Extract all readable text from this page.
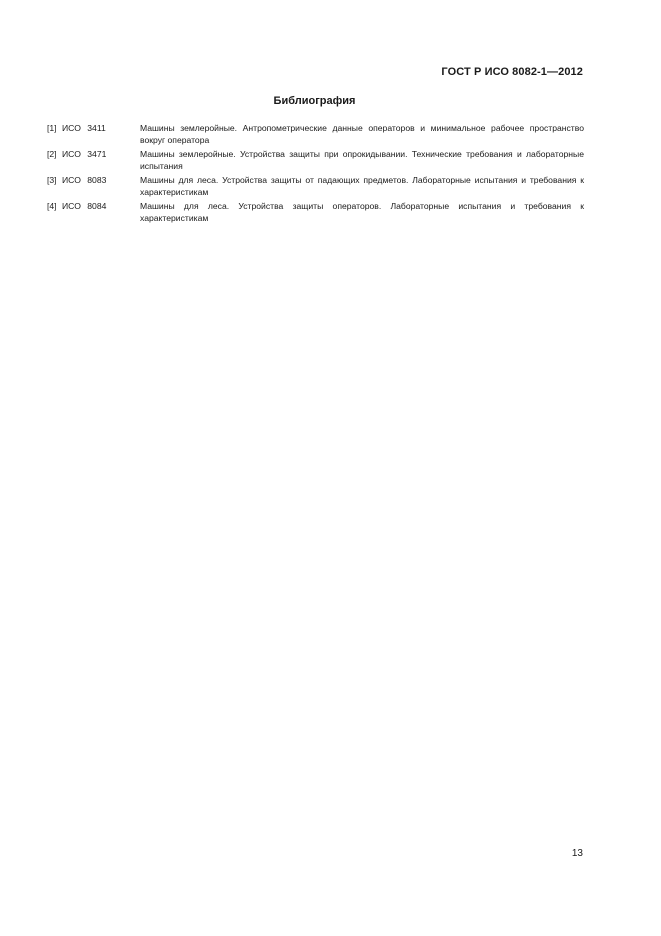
ГОСТ Р ИСО 8082-1—2012
Библиография
[1] ИСО 3411	Машины землеройные. Антропометрические данные операторов и минимальное рабочее пространство вокруг оператора
[2] ИСО 3471	Машины землеройные. Устройства защиты при опрокидывании. Технические требования и лабораторные испытания
[3] ИСО 8083	Машины для леса. Устройства защиты от падающих предметов. Лабораторные испытания и требования к характеристикам
[4] ИСО 8084	Машины для леса. Устройства защиты операторов. Лабораторные испытания и требования к характеристикам
13
